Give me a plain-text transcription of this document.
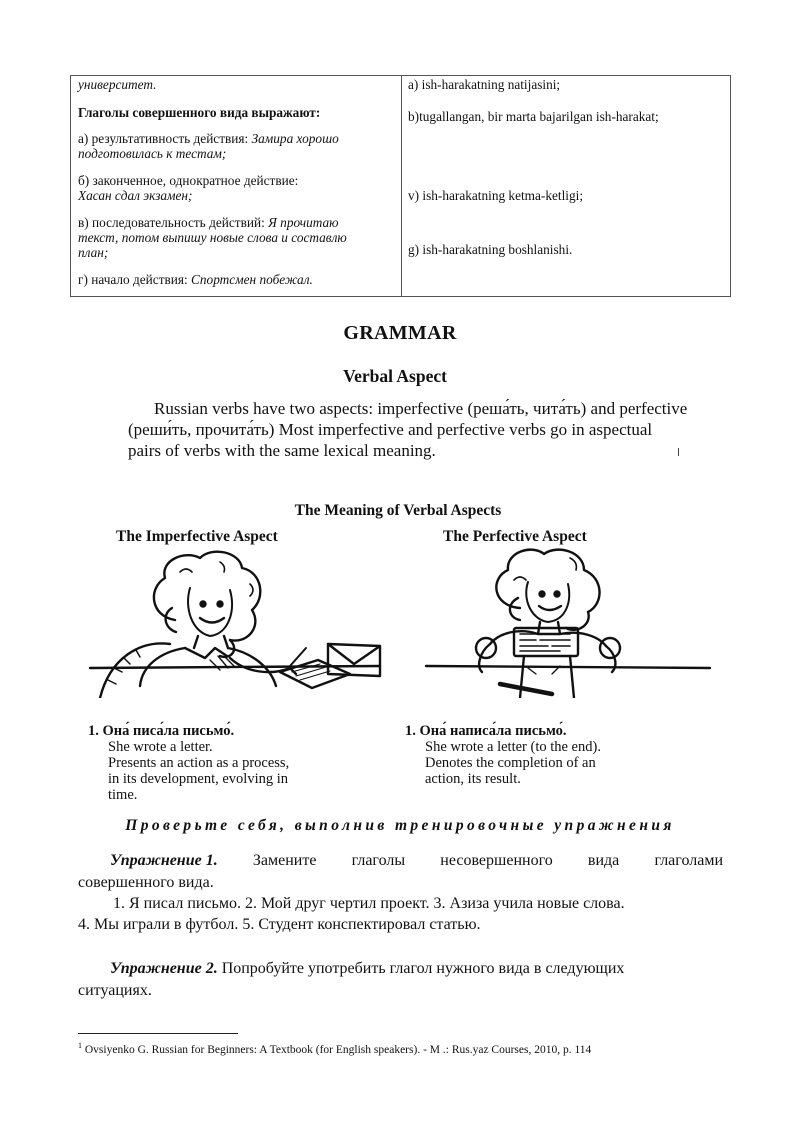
университет.
Глаголы совершенного вида выражают:
а) результативность действия: Замира хорошо подготовилась к тестам;
б) законченное, однократное действие:
Хасан сдал экзамен;
в) последовательность действий: Я прочитаю текст, потом выпишу новые слова и составлю план;
г) начало действия: Спортсмен побежал.
a) ish-harakatning natijasini;
b)tugallangan, bir marta bajarilgan ish-harakat;
v) ish-harakatning ketma-ketligi;
g) ish-harakatning boshlanishi.
GRAMMAR
Verbal Aspect
Russian verbs have two aspects: imperfective (реша́ть, чита́ть) and perfective (реши́ть, прочита́ть) Most imperfective and perfective verbs go in aspectual pairs of verbs with the same lexical meaning.
The Meaning of Verbal Aspects
The Imperfective Aspect	The Perfective Aspect
1. Она́ писа́ла письмо́.
She wrote a letter.
Presents an action as a process,
in its development, evolving in
time.
1. Она́ написа́ла письмо́.
She wrote a letter (to the end).
Denotes the completion of an
action, its result.
Проверьте себя, выполнив тренировочные упражнения
Упражнение 1. Замените глаголы несовершенного вида глаголами
совершенного вида.
1. Я писал письмо. 2. Мой друг чертил проект. 3. Азиза учила новые слова.
4. Мы играли в футбол. 5. Студент конспектировал статью.
Упражнение 2. Попробуйте употребить глагол нужного вида в следующих
ситуациях.
$^1$ Ovsiyenko G. Russian for Beginners: A Textbook (for English speakers). - M .: Rus.yaz Courses, 2010, p. 114
